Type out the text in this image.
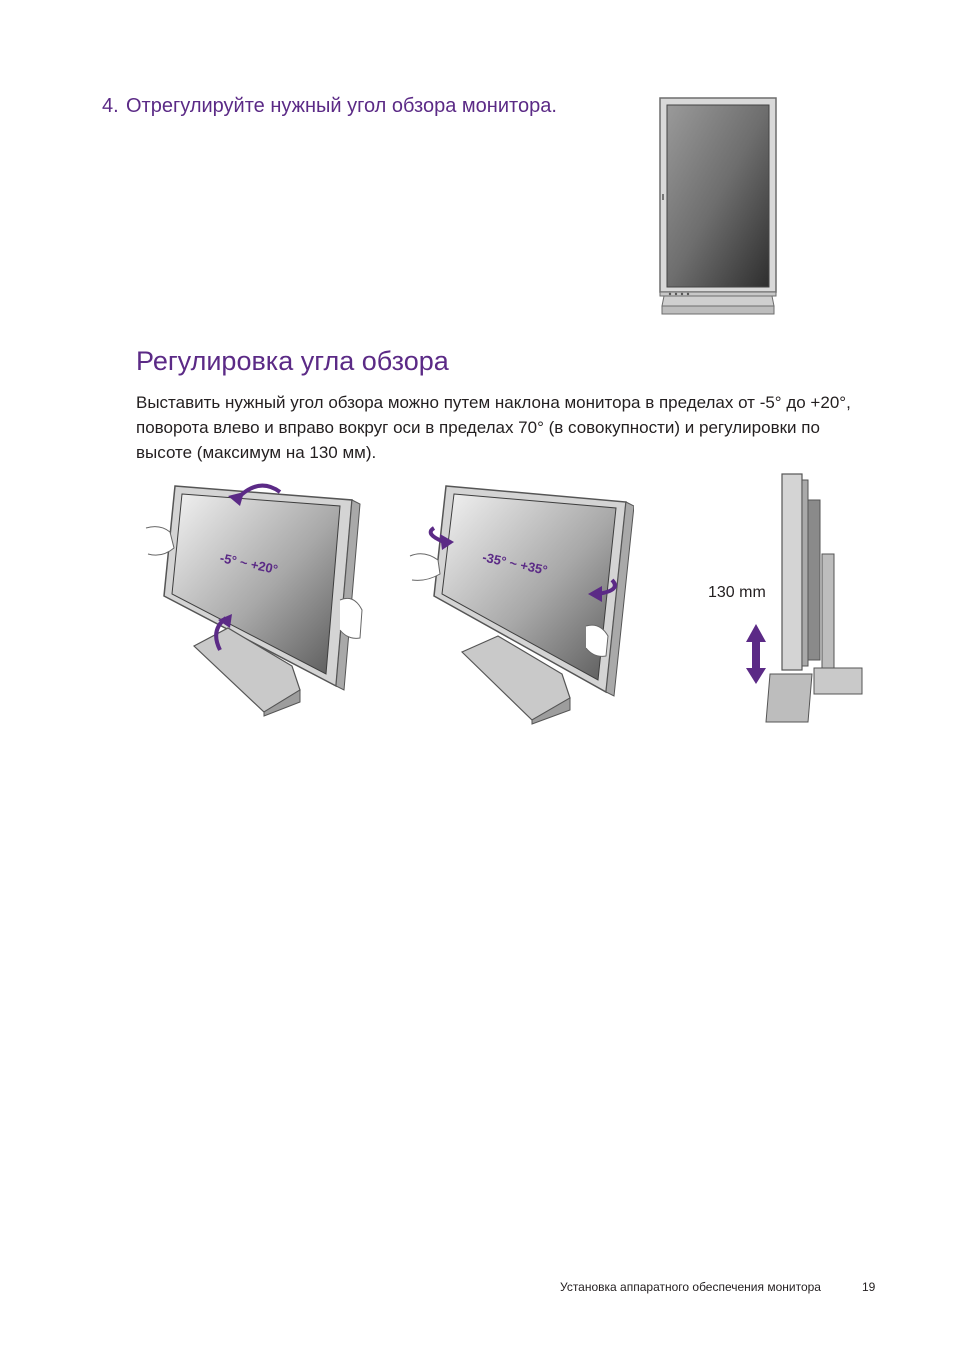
4. Отрегулируйте нужный угол обзора монитора.
Регулировка угла обзора
Выставить нужный угол обзора можно путем наклона монитора в пределах от -5° до +20°, поворота влево и вправо вокруг оси в пределах 70° (в совокупности) и регулировки по высоте (максимум на 130 мм).
-5° ~ +20°	-35° ~ +35°
130 mm
Установка аппаратного обеспечения монитора	19
